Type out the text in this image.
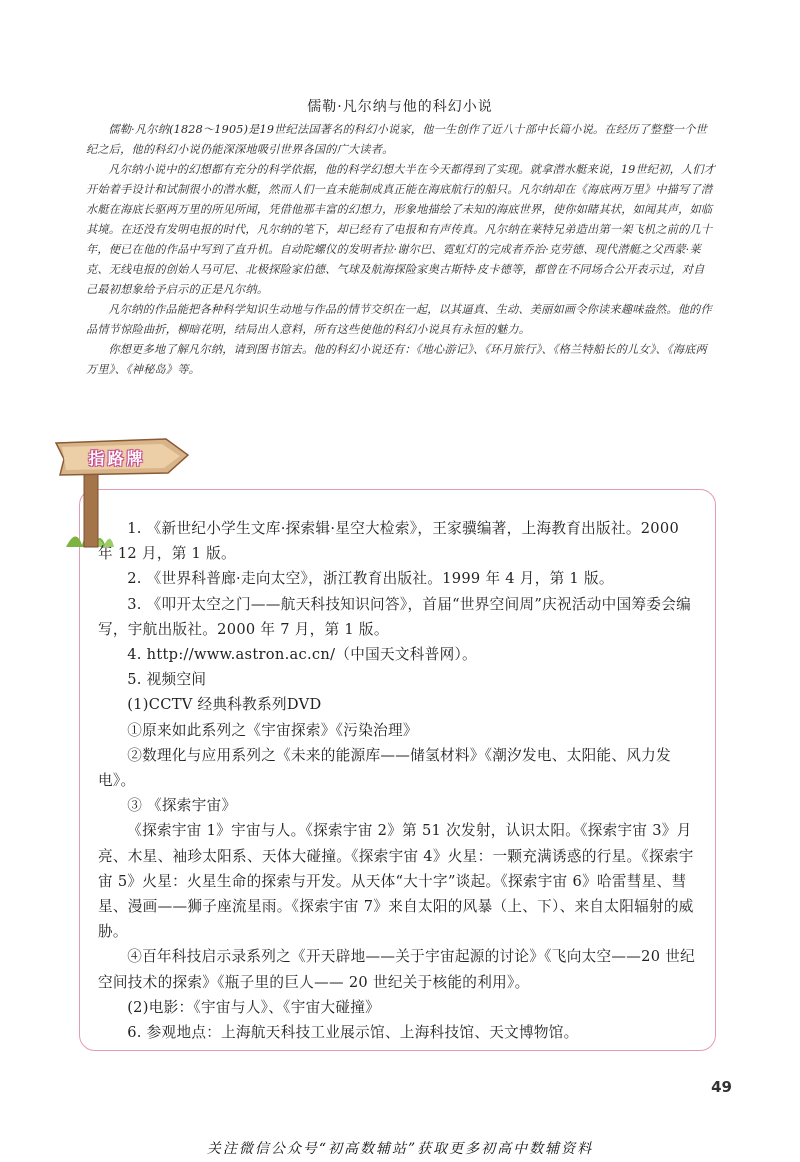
儒勒·凡尔纳与他的科幻小说

儒勒·凡尔纳(1828～1905)是19世纪法国著名的科幻小说家，他一生创作了近八十部中长篇小说。在经历了整整一个世纪之后，他的科幻小说仍能深深地吸引世界各国的广大读者。

凡尔纳小说中的幻想都有充分的科学依据，他的科学幻想大半在今天都得到了实现。就拿潜水艇来说，19世纪初，人们才开始着手设计和试制很小的潜水艇，然而人们一直未能制成真正能在海底航行的船只。凡尔纳却在《海底两万里》中描写了潜水艇在海底长驱两万里的所见所闻，凭借他那丰富的幻想力，形象地描绘了未知的海底世界，使你如睹其状，如闻其声，如临其境。在还没有发明电报的时代，凡尔纳的笔下，却已经有了电报和有声传真。凡尔纳在莱特兄弟造出第一架飞机之前的几十年，便已在他的作品中写到了直升机。自动陀螺仪的发明者拉·谢尔巴、霓虹灯的完成者乔治·克劳德、现代潜艇之父西蒙·莱克、无线电报的创始人马可尼、北极探险家伯德、气球及航海探险家奥古斯特·皮卡德等，都曾在不同场合公开表示过，对自己最初想象给予启示的正是凡尔纳。

凡尔纳的作品能把各种科学知识生动地与作品的情节交织在一起，以其逼真、生动、美丽如画令你读来趣味盎然。他的作品情节惊险曲折，柳暗花明，结局出人意料，所有这些使他的科幻小说具有永恒的魅力。

你想更多地了解凡尔纳，请到图书馆去。他的科幻小说还有：《地心游记》、《环月旅行》、《格兰特船长的儿女》、《海底两万里》、《神秘岛》等。

指路牌

1. 《新世纪小学生文库·探索辑·星空大检索》，王家骥编著，上海教育出版社。2000 年 12 月，第 1 版。

2. 《世界科普廊·走向太空》，浙江教育出版社。1999 年 4 月，第 1 版。

3. 《叩开太空之门——航天科技知识问答》，首届“世界空间周”庆祝活动中国筹委会编写，宇航出版社。2000 年 7 月，第 1 版。

4. http://www.astron.ac.cn/（中国天文科普网）。

5. 视频空间

(1)CCTV 经典科教系列DVD

①原来如此系列之《宇宙探索》《污染治理》

②数理化与应用系列之《未来的能源库——储氢材料》《潮汐发电、太阳能、风力发电》。

③ 《探索宇宙》

《探索宇宙 1》宇宙与人。《探索宇宙 2》第 51 次发射，认识太阳。《探索宇宙 3》月亮、木星、袖珍太阳系、天体大碰撞。《探索宇宙 4》火星：一颗充满诱惑的行星。《探索宇宙 5》火星：火星生命的探索与开发。从天体“大十字”谈起。《探索宇宙 6》哈雷彗星、彗星、漫画——狮子座流星雨。《探索宇宙 7》来自太阳的风暴（上、下）、来自太阳辐射的威胁。

④百年科技启示录系列之《开天辟地——关于宇宙起源的讨论》《飞向太空——20 世纪空间技术的探索》《瓶子里的巨人—— 20 世纪关于核能的利用》。

(2)电影：《宇宙与人》、《宇宙大碰撞》

6. 参观地点：上海航天科技工业展示馆、上海科技馆、天文博物馆。

49
关注微信公众号“初高数辅站”获取更多初高中数辅资料
